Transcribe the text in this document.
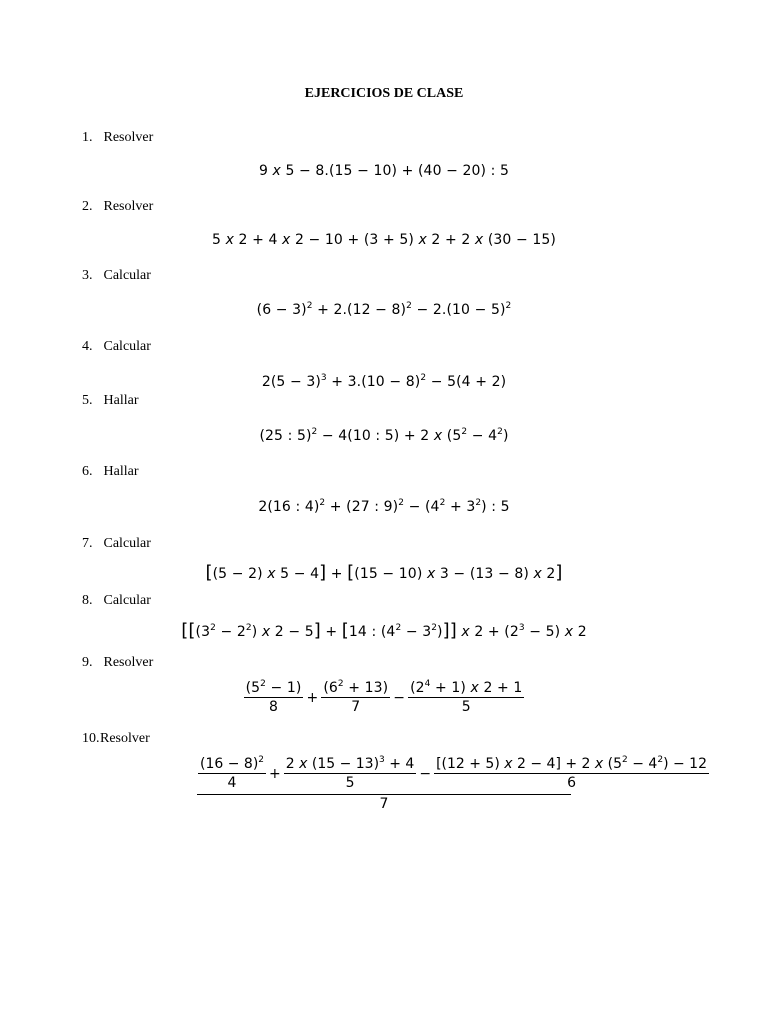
EJERCICIOS DE CLASE
1. Resolver
2. Resolver
3. Calcular
4. Calcular
5. Hallar
6. Hallar
7. Calcular
8. Calcular
9. Resolver
10.Resolver
9 x 5 − 8.(15 − 10) + (40 − 20) : 5
5 x 2 + 4 x 2 − 10 + (3 + 5) x 2 + 2 x (30 − 15)
$(6 - 3)^2 + 2.(12 - 8)^2 - 2.(10 - 5)^2$
$2(5 - 3)^3 + 3.(10 - 8)^2 - 5(4 + 2)$
(25 : 5)$^2$ − 4(10 : 5) + 2 x $(5^2 - 4^2)$
2(16 : 4)$^2$ + (27 : $9)^2 - (4^2 + 3^2)$ : 5
[(5 − 2) x 5 − 4] + [(15 − 10) x 3 − (13 − 8) x 2]
[[$(3^2 - 2^2)$ x 2 − 5] + [14 : $(4^2 - 3^2)$]] x $2 + (2^3 - 5)$ x 2
$\frac{(5^2 - 1)}{8} + \frac{(6^2 + 13)}{7} - \frac{(2^4 + 1) x 2 + 1}{5}$
$\frac{(16 - 8)^2}{4} + \frac{2 x (15 - 13)^3 + 4}{5} - \frac{[(12 + 5) x 2 - 4] + 2 x (5^2 - 4^2) - 12}{6}$
7
